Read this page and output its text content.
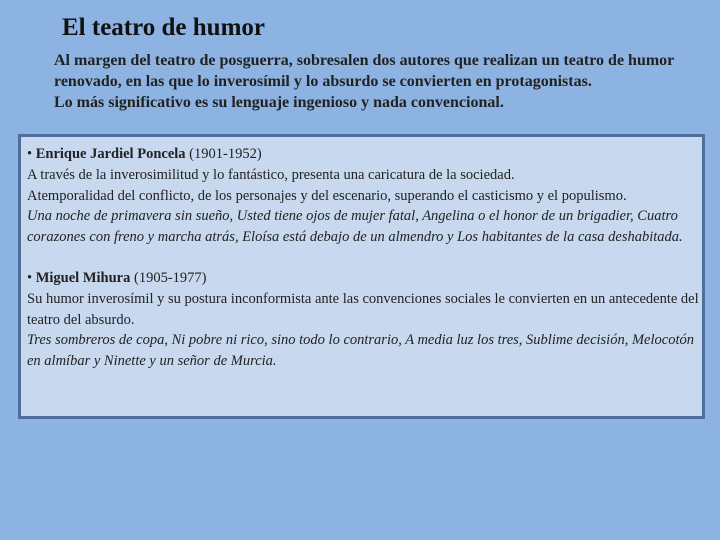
El teatro de humor

Al margen del teatro de posguerra, sobresalen dos autores que realizan un teatro de humor renovado, en las que lo inverosímil y lo absurdo se convierten en protagonistas.

Lo más significativo es su lenguaje ingenioso y nada convencional.

• Enrique Jardiel Poncela (1901-1952)
A través de la inverosimilitud y lo fantástico, presenta una caricatura de la sociedad.
Atemporalidad del conflicto, de los personajes y del escenario, superando el casticismo y el populismo.
Una noche de primavera sin sueño, Usted tiene ojos de mujer fatal, Angelina o el honor de un brigadier, Cuatro corazones con freno y marcha atrás, Eloísa está debajo de un almendro y Los habitantes de la casa deshabitada.
• Miguel Mihura (1905-1977)
Su humor inverosímil y su postura inconformista ante las convenciones sociales le convierten en un antecedente del teatro del absurdo.
Tres sombreros de copa, Ni pobre ni rico, sino todo lo contrario, A media luz los tres, Sublime decisión, Melocotón en almíbar y Ninette y un señor de Murcia.
